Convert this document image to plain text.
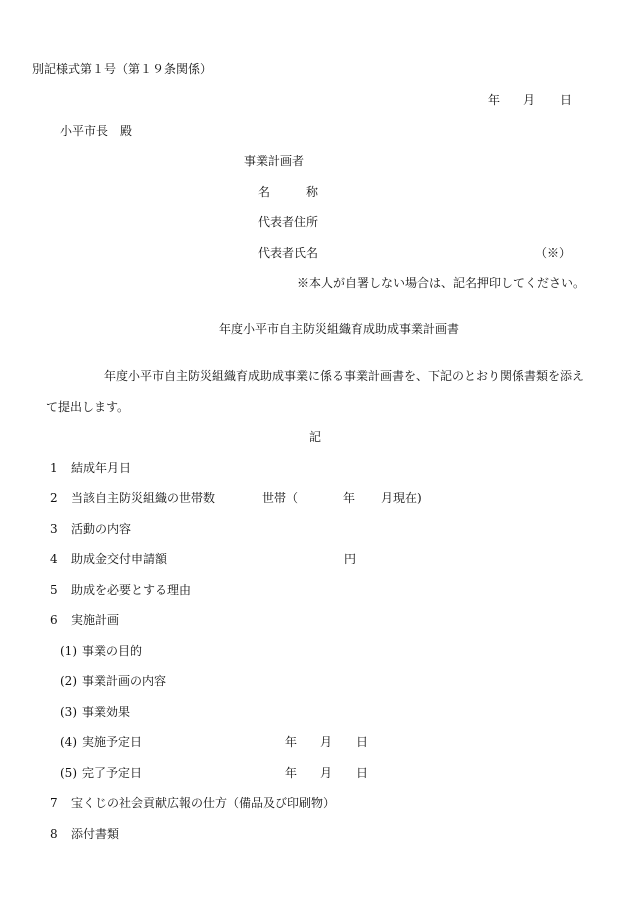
別記様式第１号（第１９条関係）
年 月 日
小平市長　殿
事業計画者
名	称
代表者住所
代表者氏名	（※）
※本人が自署しない場合は、記名押印してください。
年度小平市自主防災組織育成助成事業計画書
年度小平市自主防災組織育成助成事業に係る事業計画書を、下記のとおり関係書類を添え
て提出します。
記
1 結成年月日
2 当該自主防災組織の世帯数	世帯（	年 月現在)
3 活動の内容
4 助成金交付申請額	円
5 助成を必要とする理由
6 実施計画
(1) 事業の目的
(2) 事業計画の内容
(3) 事業効果
(4) 実施予定日	年 月 日
(5) 完了予定日	年 月 日
7 宝くじの社会貢献広報の仕方（備品及び印刷物）
8 添付書類
